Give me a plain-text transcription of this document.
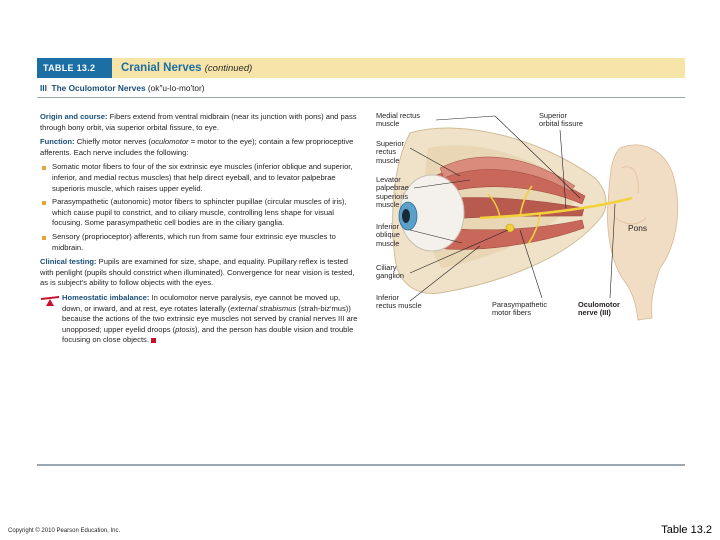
TABLE 13.2	Cranial Nerves (continued)
III The Oculomotor Nerves (ok″u-lo-mo′tor)

Origin and course: Fibers extend from ventral midbrain (near its junction with pons) and pass through bony orbit, via superior orbital fissure, to eye.

Function: Chiefly motor nerves (oculomotor = motor to the eye); contain a few proprioceptive afferents. Each nerve includes the following:

Somatic motor fibers to four of the six extrinsic eye muscles (inferior oblique and superior, inferior, and medial rectus muscles) that help direct eyeball, and to levator palpebrae superioris muscle, which raises upper eyelid.
Parasympathetic (autonomic) motor fibers to sphincter pupillae (circular muscles of iris), which cause pupil to constrict, and to ciliary muscle, controlling lens shape for visual focusing. Some parasympathetic cell bodies are in the ciliary ganglia.
Sensory (proprioceptor) afferents, which run from same four extrinsic eye muscles to midbrain.

Clinical testing: Pupils are examined for size, shape, and equality. Pupillary reflex is tested with penlight (pupils should constrict when illuminated). Convergence for near vision is tested, as is subject's ability to follow objects with the eyes.

Homeostatic imbalance: In oculomotor nerve paralysis, eye cannot be moved up, down, or inward, and at rest, eye rotates laterally (external strabismus (strah-biz′mus)) because the actions of the two extrinsic eye muscles not served by cranial nerves III are unopposed; upper eyelid droops (ptosis), and the person has double vision and trouble focusing on close objects.

Medial rectus
muscle
Superior
rectus
muscle
Levator
palpebrae
superioris
muscle
Inferior
oblique
muscle
Ciliary
ganglion
Inferior
rectus muscle
Superior
orbital fissure
Pons
Parasympathetic
motor fibers
Oculomotor
nerve (III)
Copyright © 2010 Pearson Education, Inc.	Table 13.2
